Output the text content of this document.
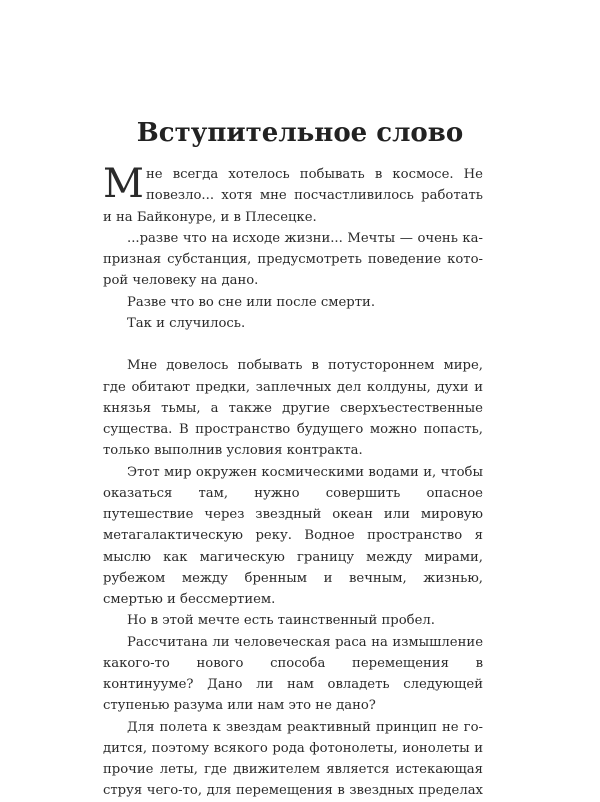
Вступительное слово

Мне всегда хотелось побывать в космосе. Не повезло... хотя мне посчастливилось работать и на Байконуре, и в Плесецке.

...разве что на исходе жизни... Мечты — очень капризная субстанция, предусмотреть поведение которой человеку на дано.

Разве что во сне или после смерти.

Так и случилось.

Мне довелось побывать в потустороннем мире, где обитают предки, заплечных дел колдуны, духи и князья тьмы, а также другие сверхъестественные существа. В пространство будущего можно попасть, только выполнив условия контракта.

Этот мир окружен космическими водами и, чтобы оказаться там, нужно совершить опасное путешествие через звездный океан или мировую метагалактическую реку. Водное пространство я мыслю как магическую границу между мирами, рубежом между бренным и вечным, жизнью, смертью и бессмертием.

Но в этой мечте есть таинственный пробел.

Рассчитана ли человеческая раса на измышление какого-то нового способа перемещения в континууме? Дано ли нам овладеть следующей ступенью разума или нам это не дано?

Для полета к звездам реактивный принцип не годится, поэтому всякого рода фотонолеты, ионолеты и прочие леты, где движителем является истекающая струя чего-то, для перемещения в звездных пределах
